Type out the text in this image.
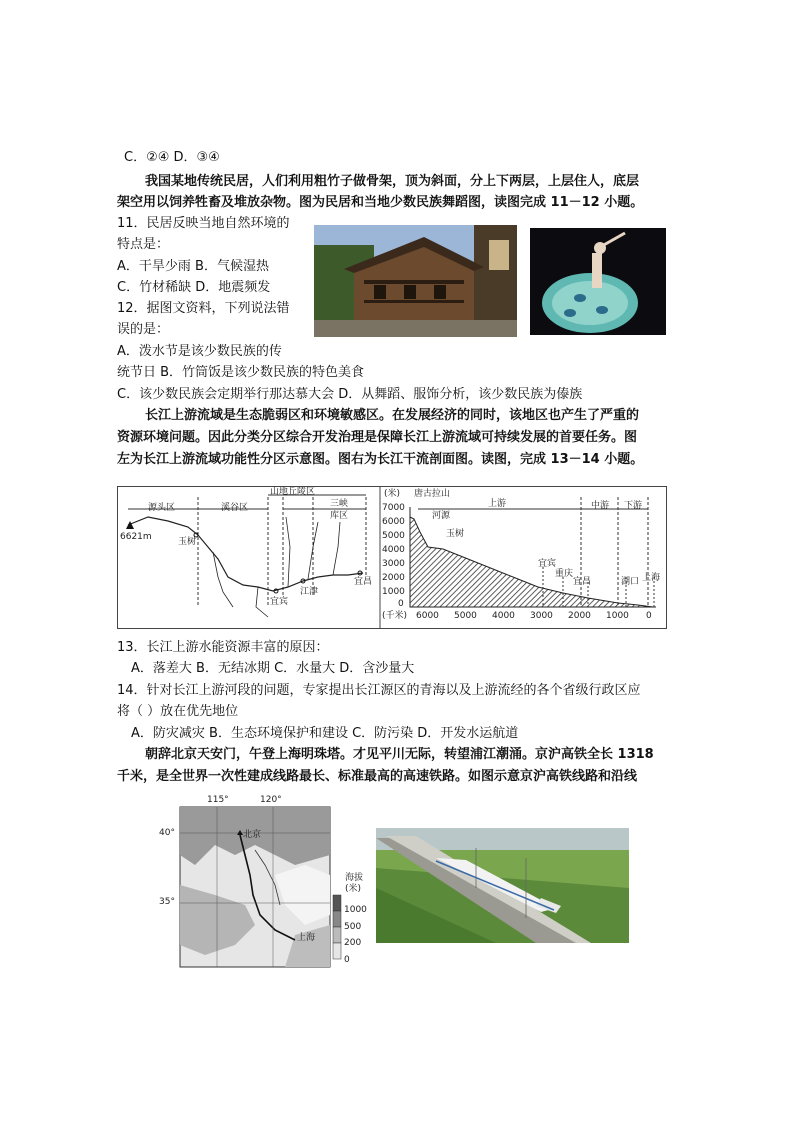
C．②④ D．③④
我国某地传统民居，人们利用粗竹子做骨架，顶为斜面，分上下两层，上层住人，底层
架空用以饲养牲畜及堆放杂物。图为民居和当地少数民族舞蹈图，读图完成 11－12 小题。
11．民居反映当地自然环境的
特点是：
A．干旱少雨 B．气候湿热
C．竹材稀缺 D．地震频发
12．据图文资料，下列说法错
误的是：
A．泼水节是该少数民族的传
统节日 B．竹筒饭是该少数民族的特色美食
C．该少数民族会定期举行那达慕大会 D．从舞蹈、服饰分析，该少数民族为傣族
长江上游流域是生态脆弱区和环境敏感区。在发展经济的同时，该地区也产生了严重的
资源环境问题。因此分类分区综合开发治理是保障长江上游流域可持续发展的首要任务。图
左为长江上游流域功能性分区示意图。图右为长江干流剖面图。读图，完成 13－14 小题。
山地丘陵区
源头区	溪谷区	三峡
库区
6621m	玉树
宜宾
江津
宜昌
(米) 唐古拉山
上游	中游 下游
河源
玉树
宜宾
重庆
宜昌	湖口 上海
7000
6000
5000
4000
3000
2000
1000
0
(千米) 6000 5000 4000 3000 2000 1000 0
13．长江上游水能资源丰富的原因：
A．落差大 B．无结冰期 C．水量大 D．含沙量大
14．针对长江上游河段的问题，专家提出长江源区的青海以及上游流经的各个省级行政区应
将（ ）放在优先地位
A．防灾减灾 B．生态环境保护和建设 C．防污染 D．开发水运航道
朝辞北京天安门，午登上海明珠塔。才见平川无际，转望浦江潮涌。京沪高铁全长 1318
千米，是全世界一次性建成线路最长、标准最高的高速铁路。如图示意京沪高铁线路和沿线
115°	120°
40°
35°
北京
上海
海拔
(米)
1000
500
200
0
